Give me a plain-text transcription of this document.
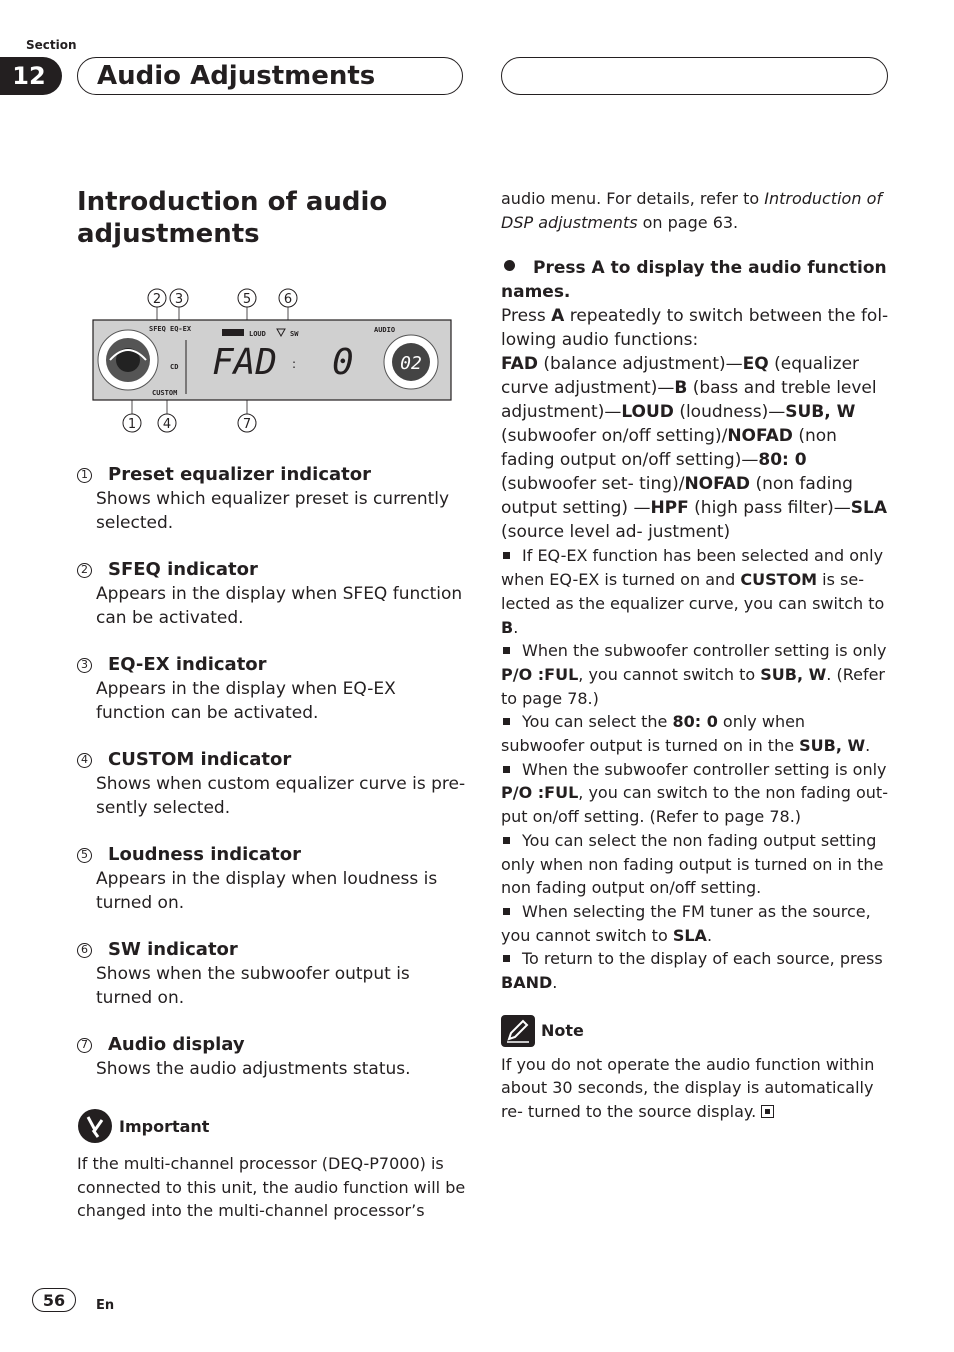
Section
12	Audio Adjustments
Introduction of audio adjustments
2 3	5	6
1 4	7
SFEQ EQ-EX
CD
CUSTOM
LOUD	SW	AUDIO
FAD : 0	02
1 Preset equalizer indicator
Shows which equalizer preset is currently selected.
2 SFEQ indicator
Appears in the display when SFEQ function can be activated.
3 EQ-EX indicator
Appears in the display when EQ-EX function can be activated.
4 CUSTOM indicator
Shows when custom equalizer curve is pre- sently selected.
5 Loudness indicator
Appears in the display when loudness is turned on.
6 SW indicator
Shows when the subwoofer output is turned on.
7 Audio display
Shows the audio adjustments status.
Important
If the multi-channel processor (DEQ-P7000) is connected to this unit, the audio function will be changed into the multi-channel processor’s

audio menu. For details, refer to Introduction of DSP adjustments on page 63.

Press A to display the audio function names.

Press A repeatedly to switch between the fol- lowing audio functions:

FAD (balance adjustment)—EQ (equalizer curve adjustment)—B (bass and treble level adjustment)—LOUD (loudness)—SUB, W (subwoofer on/off setting)/NOFAD (non fading output on/off setting)—80: 0 (subwoofer set- ting)/NOFAD (non fading output setting) —HPF (high pass filter)—SLA (source level ad- justment)

If EQ-EX function has been selected and only when EQ-EX is turned on and CUSTOM is se- lected as the equalizer curve, you can switch to B.

When the subwoofer controller setting is only P/O :FUL, you cannot switch to SUB, W. (Refer to page 78.)

You can select the 80: 0 only when subwoofer output is turned on in the SUB, W.

When the subwoofer controller setting is only P/O :FUL, you can switch to the non fading out- put on/off setting. (Refer to page 78.)

You can select the non fading output setting only when non fading output is turned on in the non fading output on/off setting.

When selecting the FM tuner as the source, you cannot switch to SLA.

To return to the display of each source, press BAND.

Note

If you do not operate the audio function within about 30 seconds, the display is automatically re- turned to the source display.

56	En
